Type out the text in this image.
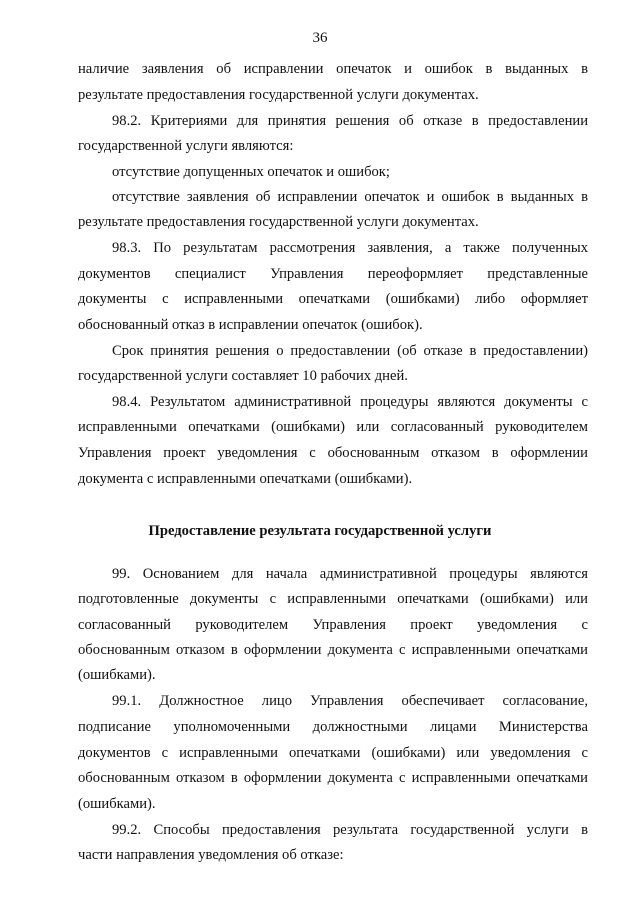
36
наличие заявления об исправлении опечаток и ошибок в выданных в
результате предоставления государственной услуги документах.
98.2. Критериями для принятия решения об отказе в предоставлении
государственной услуги являются:
отсутствие допущенных опечаток и ошибок;
отсутствие заявления об исправлении опечаток и ошибок в выданных в
результате предоставления государственной услуги документах.
98.3. По результатам рассмотрения заявления, а также полученных
документов специалист Управления переоформляет представленные
документы с исправленными опечатками (ошибками) либо оформляет
обоснованный отказ в исправлении опечаток (ошибок).
Срок принятия решения о предоставлении (об отказе в предоставлении)
государственной услуги составляет 10 рабочих дней.
98.4. Результатом административной процедуры являются документы с
исправленными опечатками (ошибками) или согласованный руководителем
Управления проект уведомления с обоснованным отказом в оформлении
документа с исправленными опечатками (ошибками).
Предоставление результата государственной услуги
99. Основанием для начала административной процедуры являются
подготовленные документы с исправленными опечатками (ошибками) или
согласованный руководителем Управления проект уведомления с
обоснованным отказом в оформлении документа с исправленными опечатками
(ошибками).
99.1. Должностное лицо Управления обеспечивает согласование,
подписание уполномоченными должностными лицами Министерства
документов с исправленными опечатками (ошибками) или уведомления с
обоснованным отказом в оформлении документа с исправленными опечатками
(ошибками).
99.2. Способы предоставления результата государственной услуги в
части направления уведомления об отказе:
